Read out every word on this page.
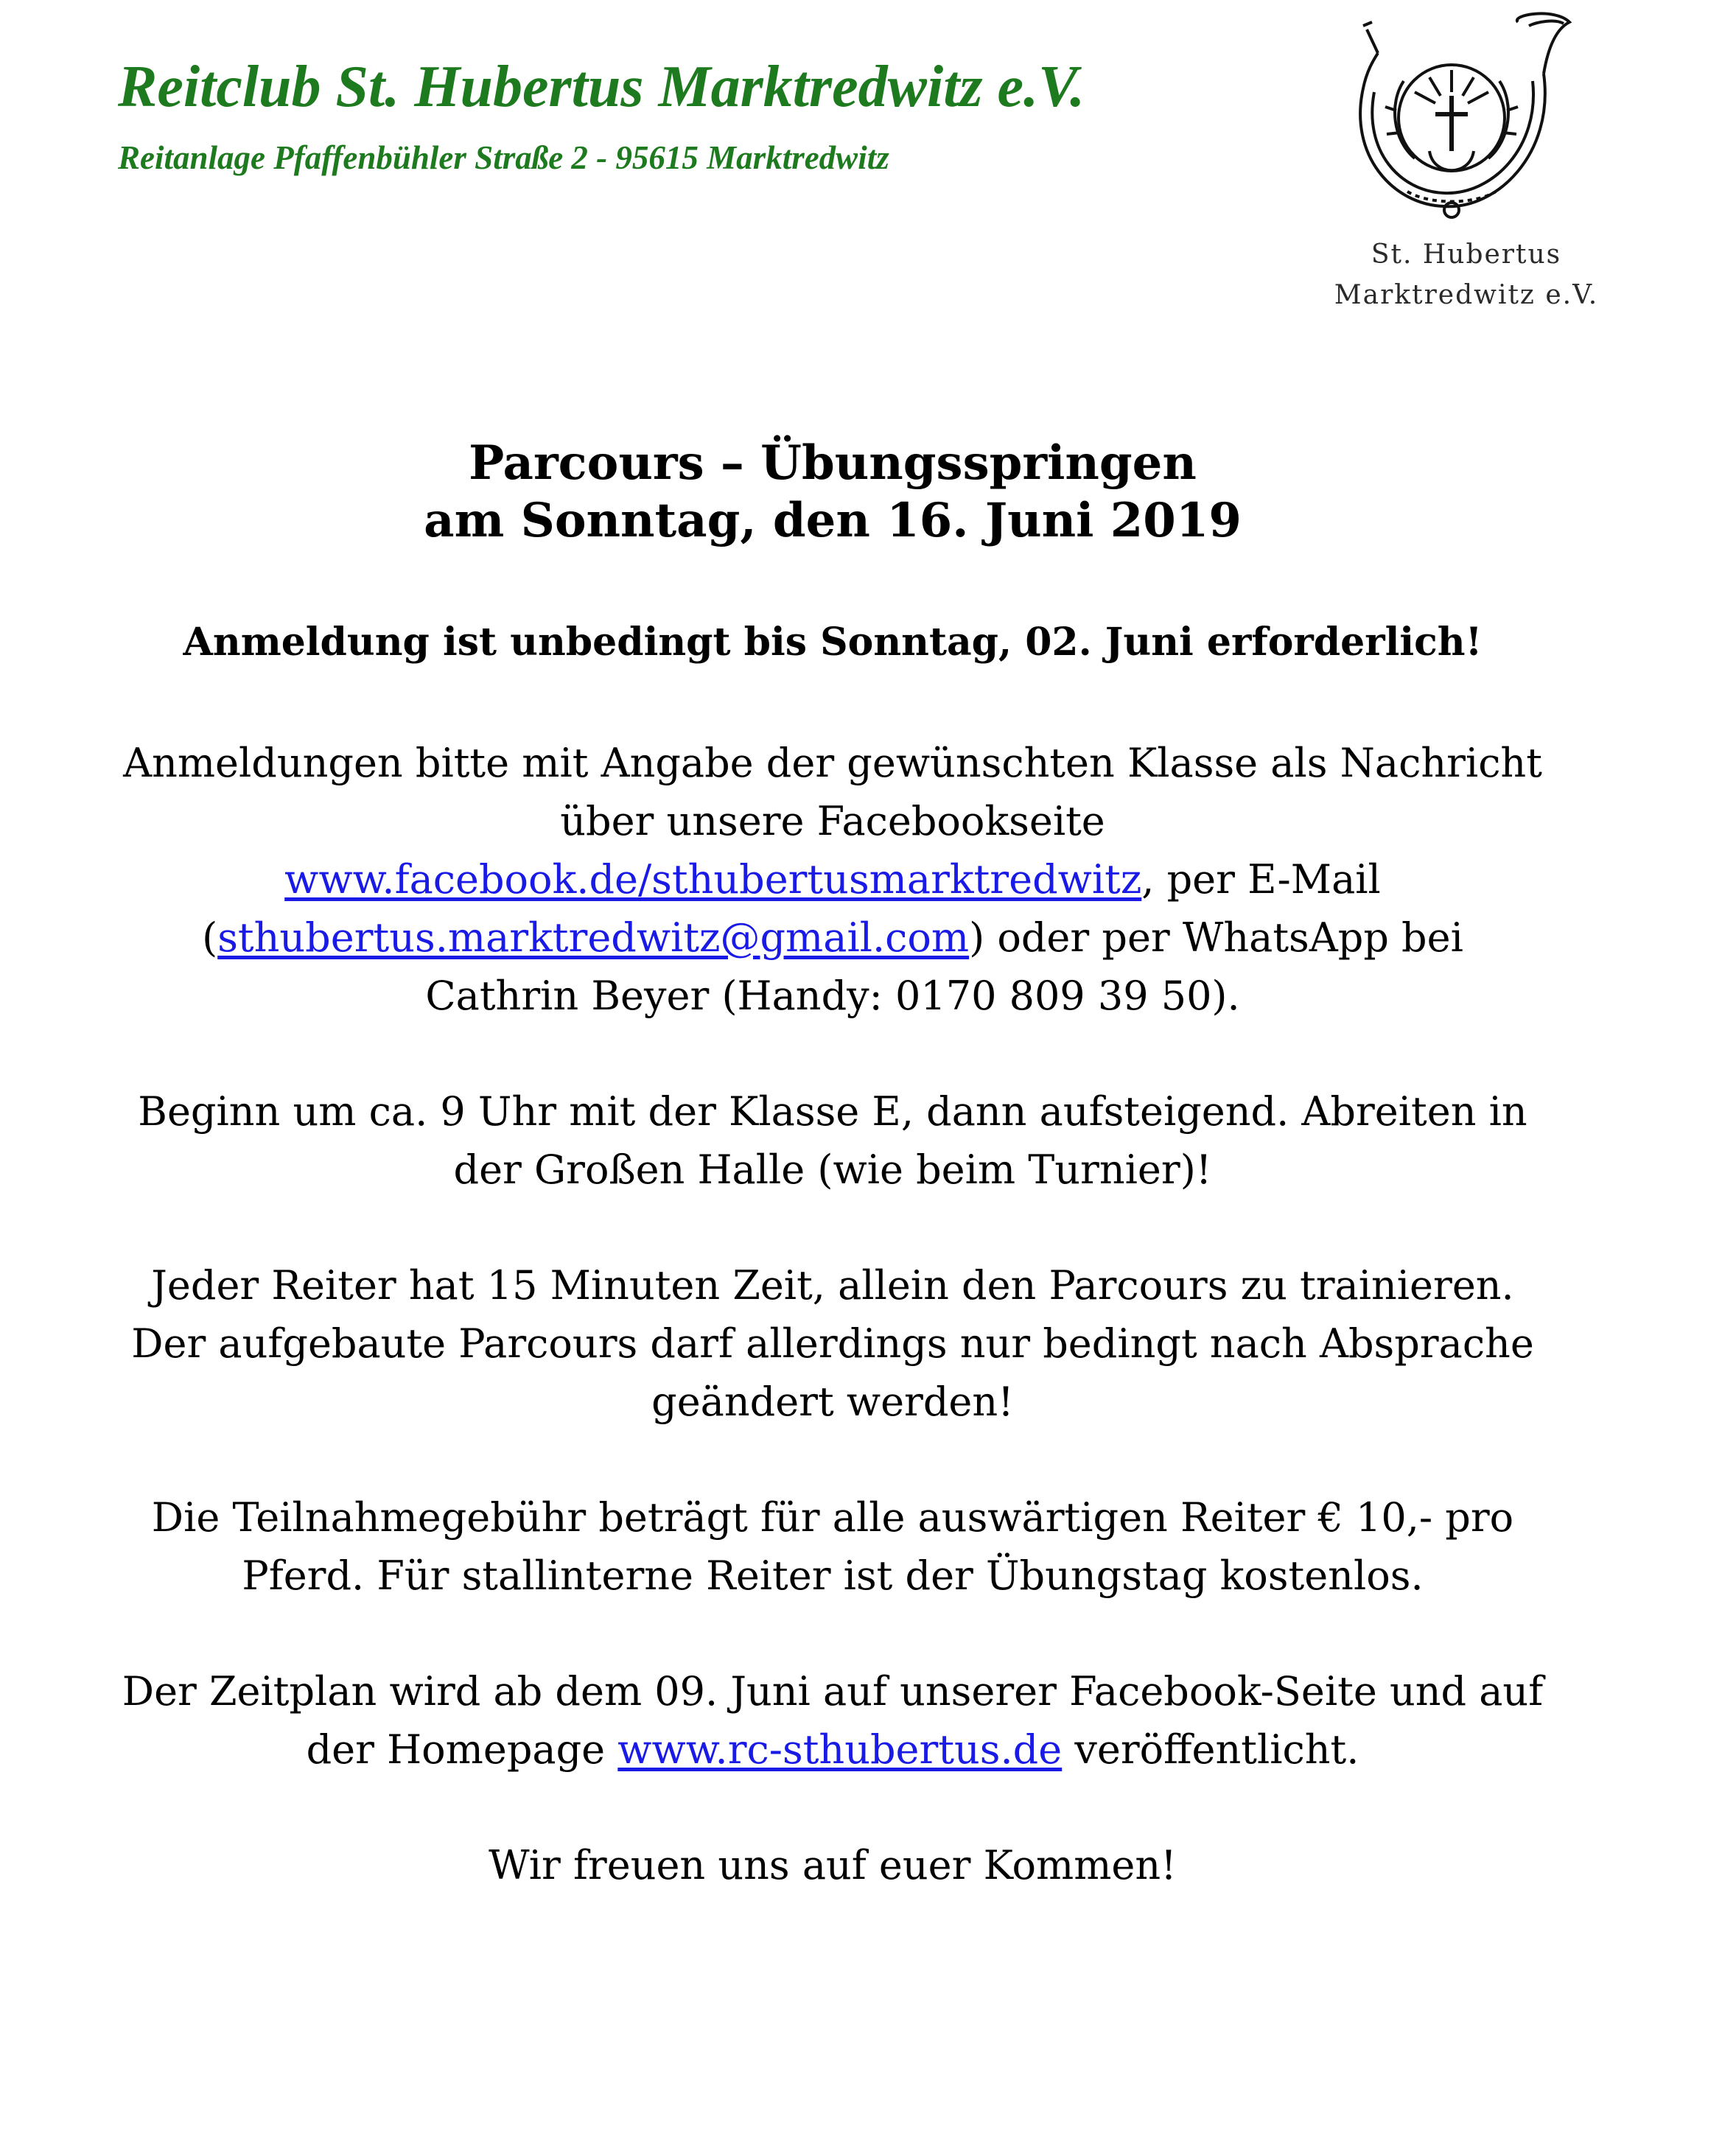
Reitclub St. Hubertus Marktredwitz e.V.

Reitanlage Pfaffenbühler Straße 2 - 95615 Marktredwitz

St. Hubertus
Marktredwitz e.V.
Parcours – Übungsspringen
am Sonntag, den 16. Juni 2019

Anmeldung ist unbedingt bis Sonntag, 02. Juni erforderlich!

Anmeldungen bitte mit Angabe der gewünschten Klasse als Nachricht
über unsere Facebookseite
www.facebook.de/sthubertusmarktredwitz, per E-Mail
(sthubertus.marktredwitz@gmail.com) oder per WhatsApp bei
Cathrin Beyer (Handy: 0170 809 39 50).

Beginn um ca. 9 Uhr mit der Klasse E, dann aufsteigend. Abreiten in
der Großen Halle (wie beim Turnier)!

Jeder Reiter hat 15 Minuten Zeit, allein den Parcours zu trainieren.
Der aufgebaute Parcours darf allerdings nur bedingt nach Absprache
geändert werden!

Die Teilnahmegebühr beträgt für alle auswärtigen Reiter € 10,- pro
Pferd. Für stallinterne Reiter ist der Übungstag kostenlos.

Der Zeitplan wird ab dem 09. Juni auf unserer Facebook-Seite und auf
der Homepage www.rc-sthubertus.de veröffentlicht.

Wir freuen uns auf euer Kommen!
